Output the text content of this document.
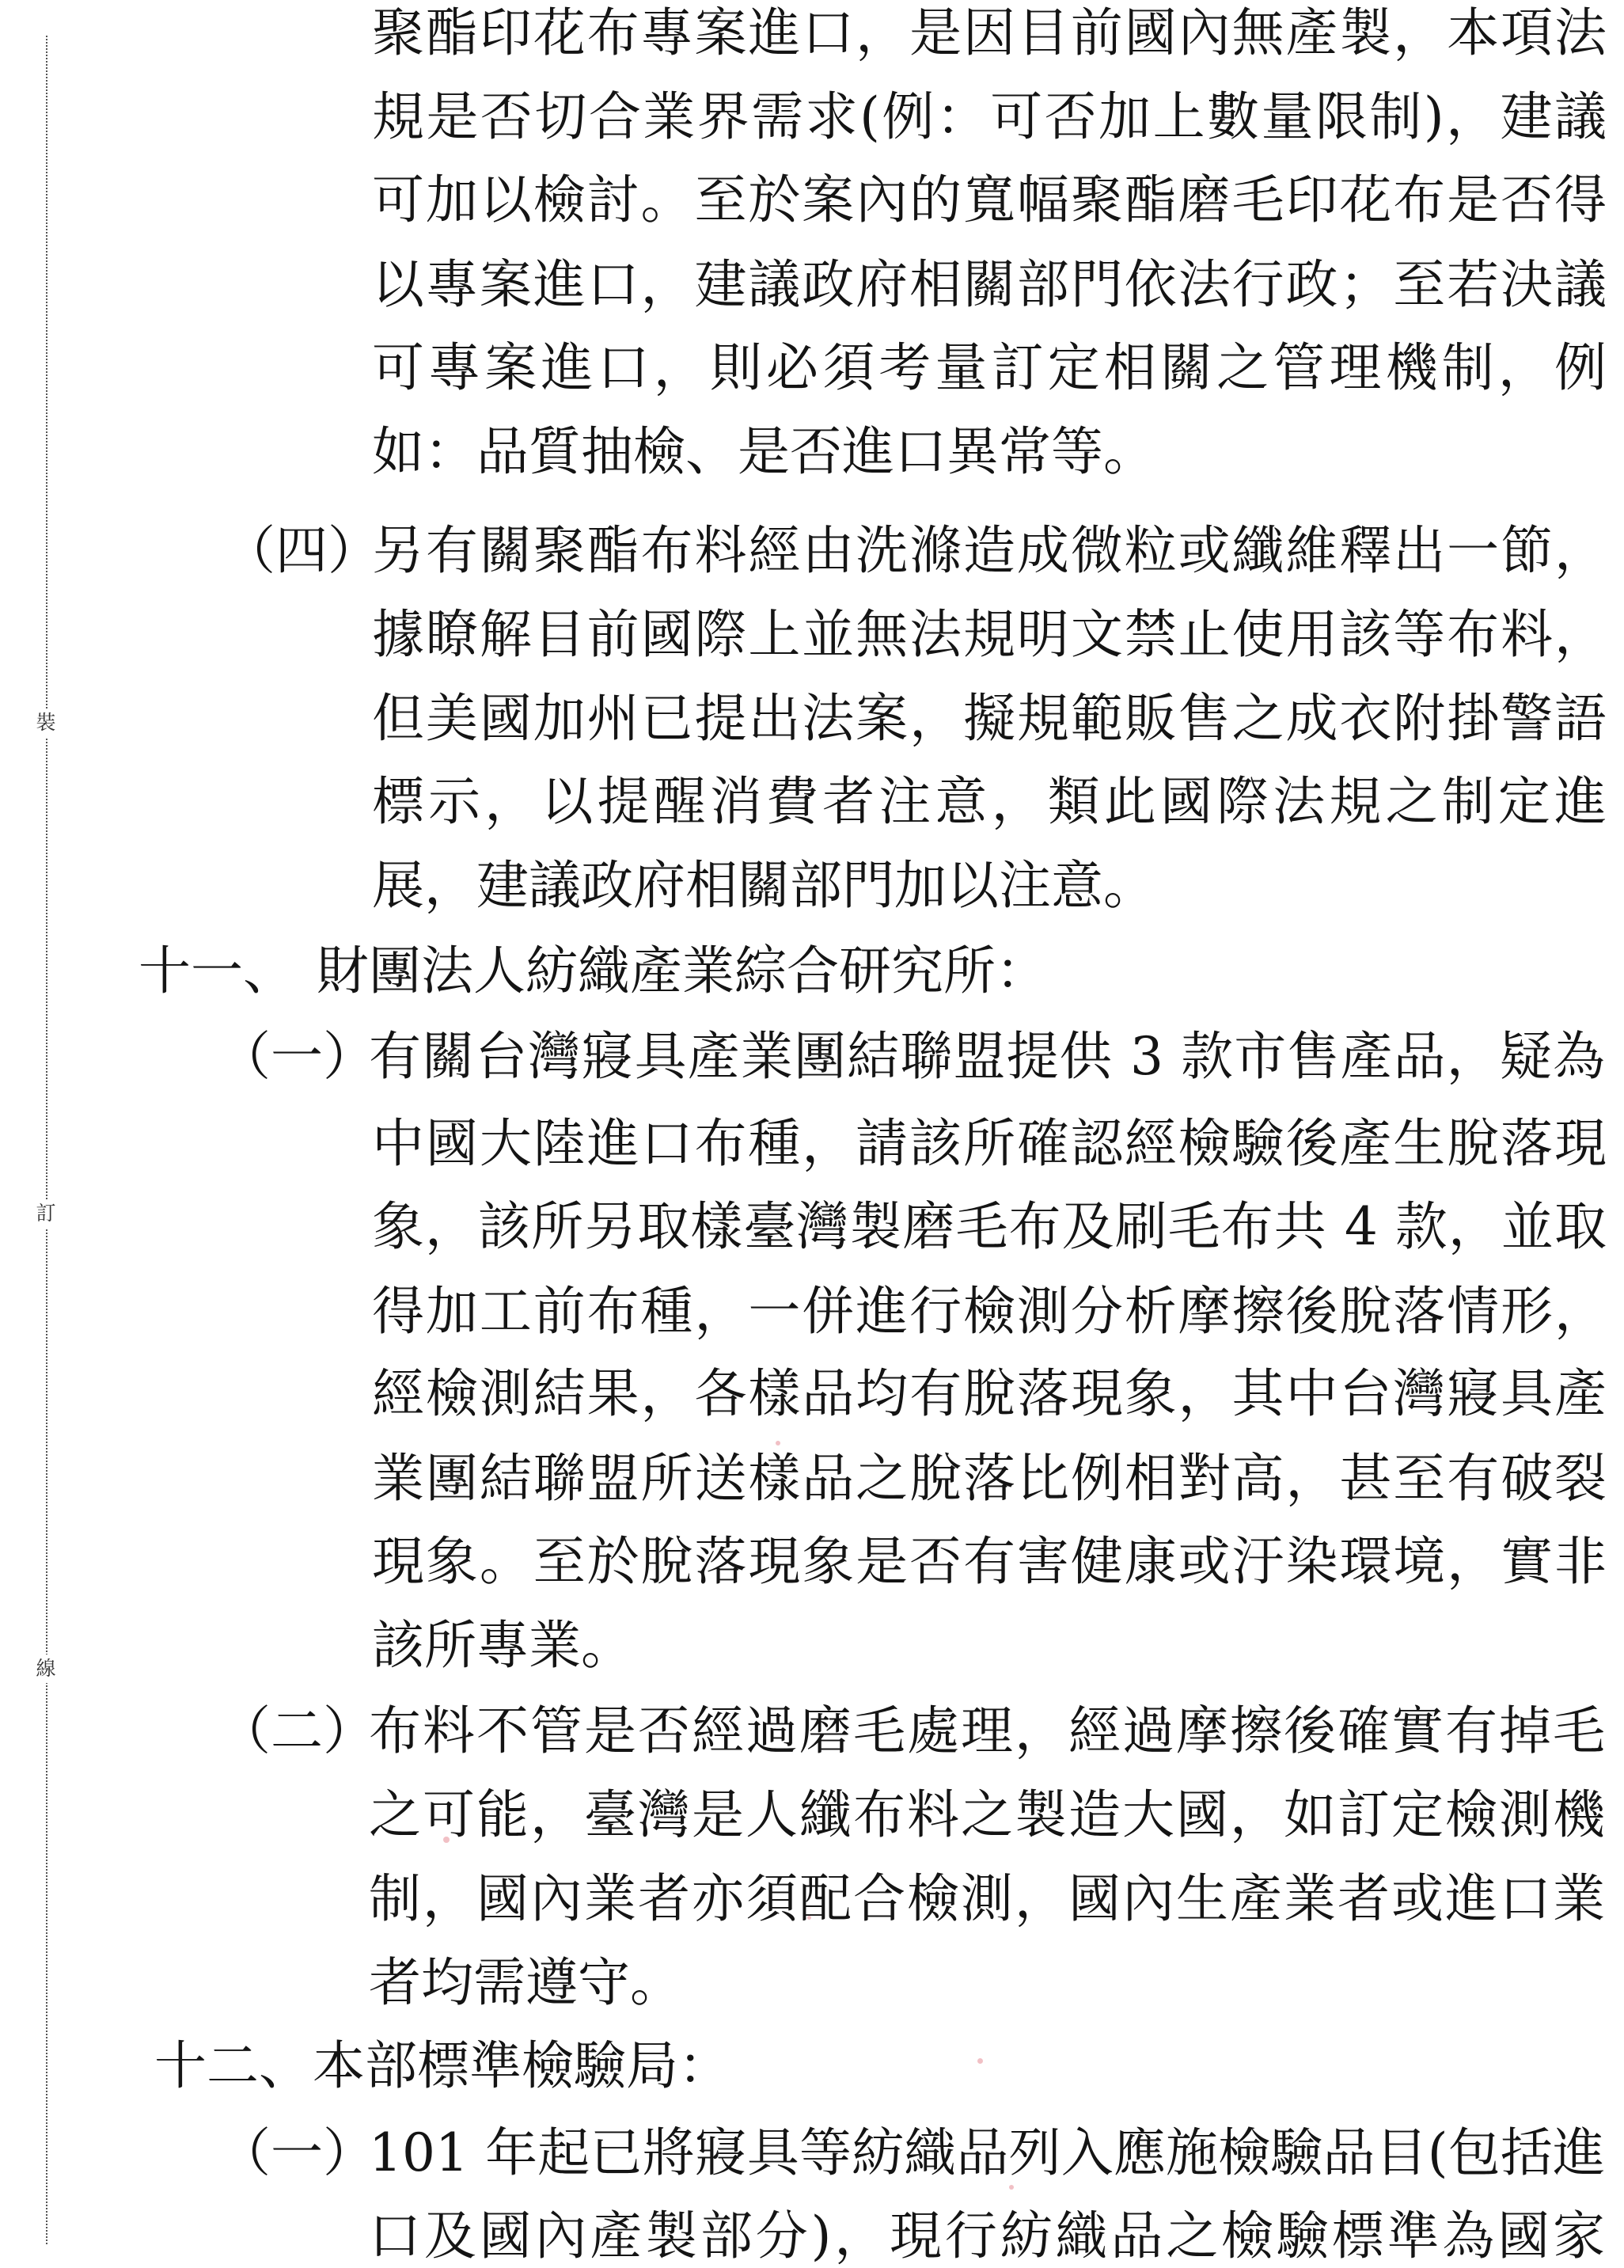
裝
訂
線
聚酯印花布專案進口，是因目前國內無產製，本項法
規是否切合業界需求(例：可否加上數量限制)，建議
可加以檢討。至於案內的寬幅聚酯磨毛印花布是否得
以專案進口，建議政府相關部門依法行政；至若決議
可專案進口，則必須考量訂定相關之管理機制，例
如：品質抽檢、是否進口異常等。
（四）
另有關聚酯布料經由洗滌造成微粒或纖維釋出一節，
據瞭解目前國際上並無法規明文禁止使用該等布料，
但美國加州已提出法案，擬規範販售之成衣附掛警語
標示，以提醒消費者注意，類此國際法規之制定進
展，建議政府相關部門加以注意。
十一、 財團法人紡織產業綜合研究所：
（一）
有關台灣寢具產業團結聯盟提供 3 款市售產品，疑為
中國大陸進口布種，請該所確認經檢驗後產生脫落現
象，該所另取樣臺灣製磨毛布及刷毛布共 4 款，並取
得加工前布種，一併進行檢測分析摩擦後脫落情形，
經檢測結果，各樣品均有脫落現象，其中台灣寢具產
業團結聯盟所送樣品之脫落比例相對高，甚至有破裂
現象。至於脫落現象是否有害健康或汙染環境，實非
該所專業。
（二）
布料不管是否經過磨毛處理，經過摩擦後確實有掉毛
之可能，臺灣是人纖布料之製造大國，如訂定檢測機
制，國內業者亦須配合檢測，國內生產業者或進口業
者均需遵守。
十二、 本部標準檢驗局：
（一）
101 年起已將寢具等紡織品列入應施檢驗品目(包括進
口及國內產製部分)，現行紡織品之檢驗標準為國家
